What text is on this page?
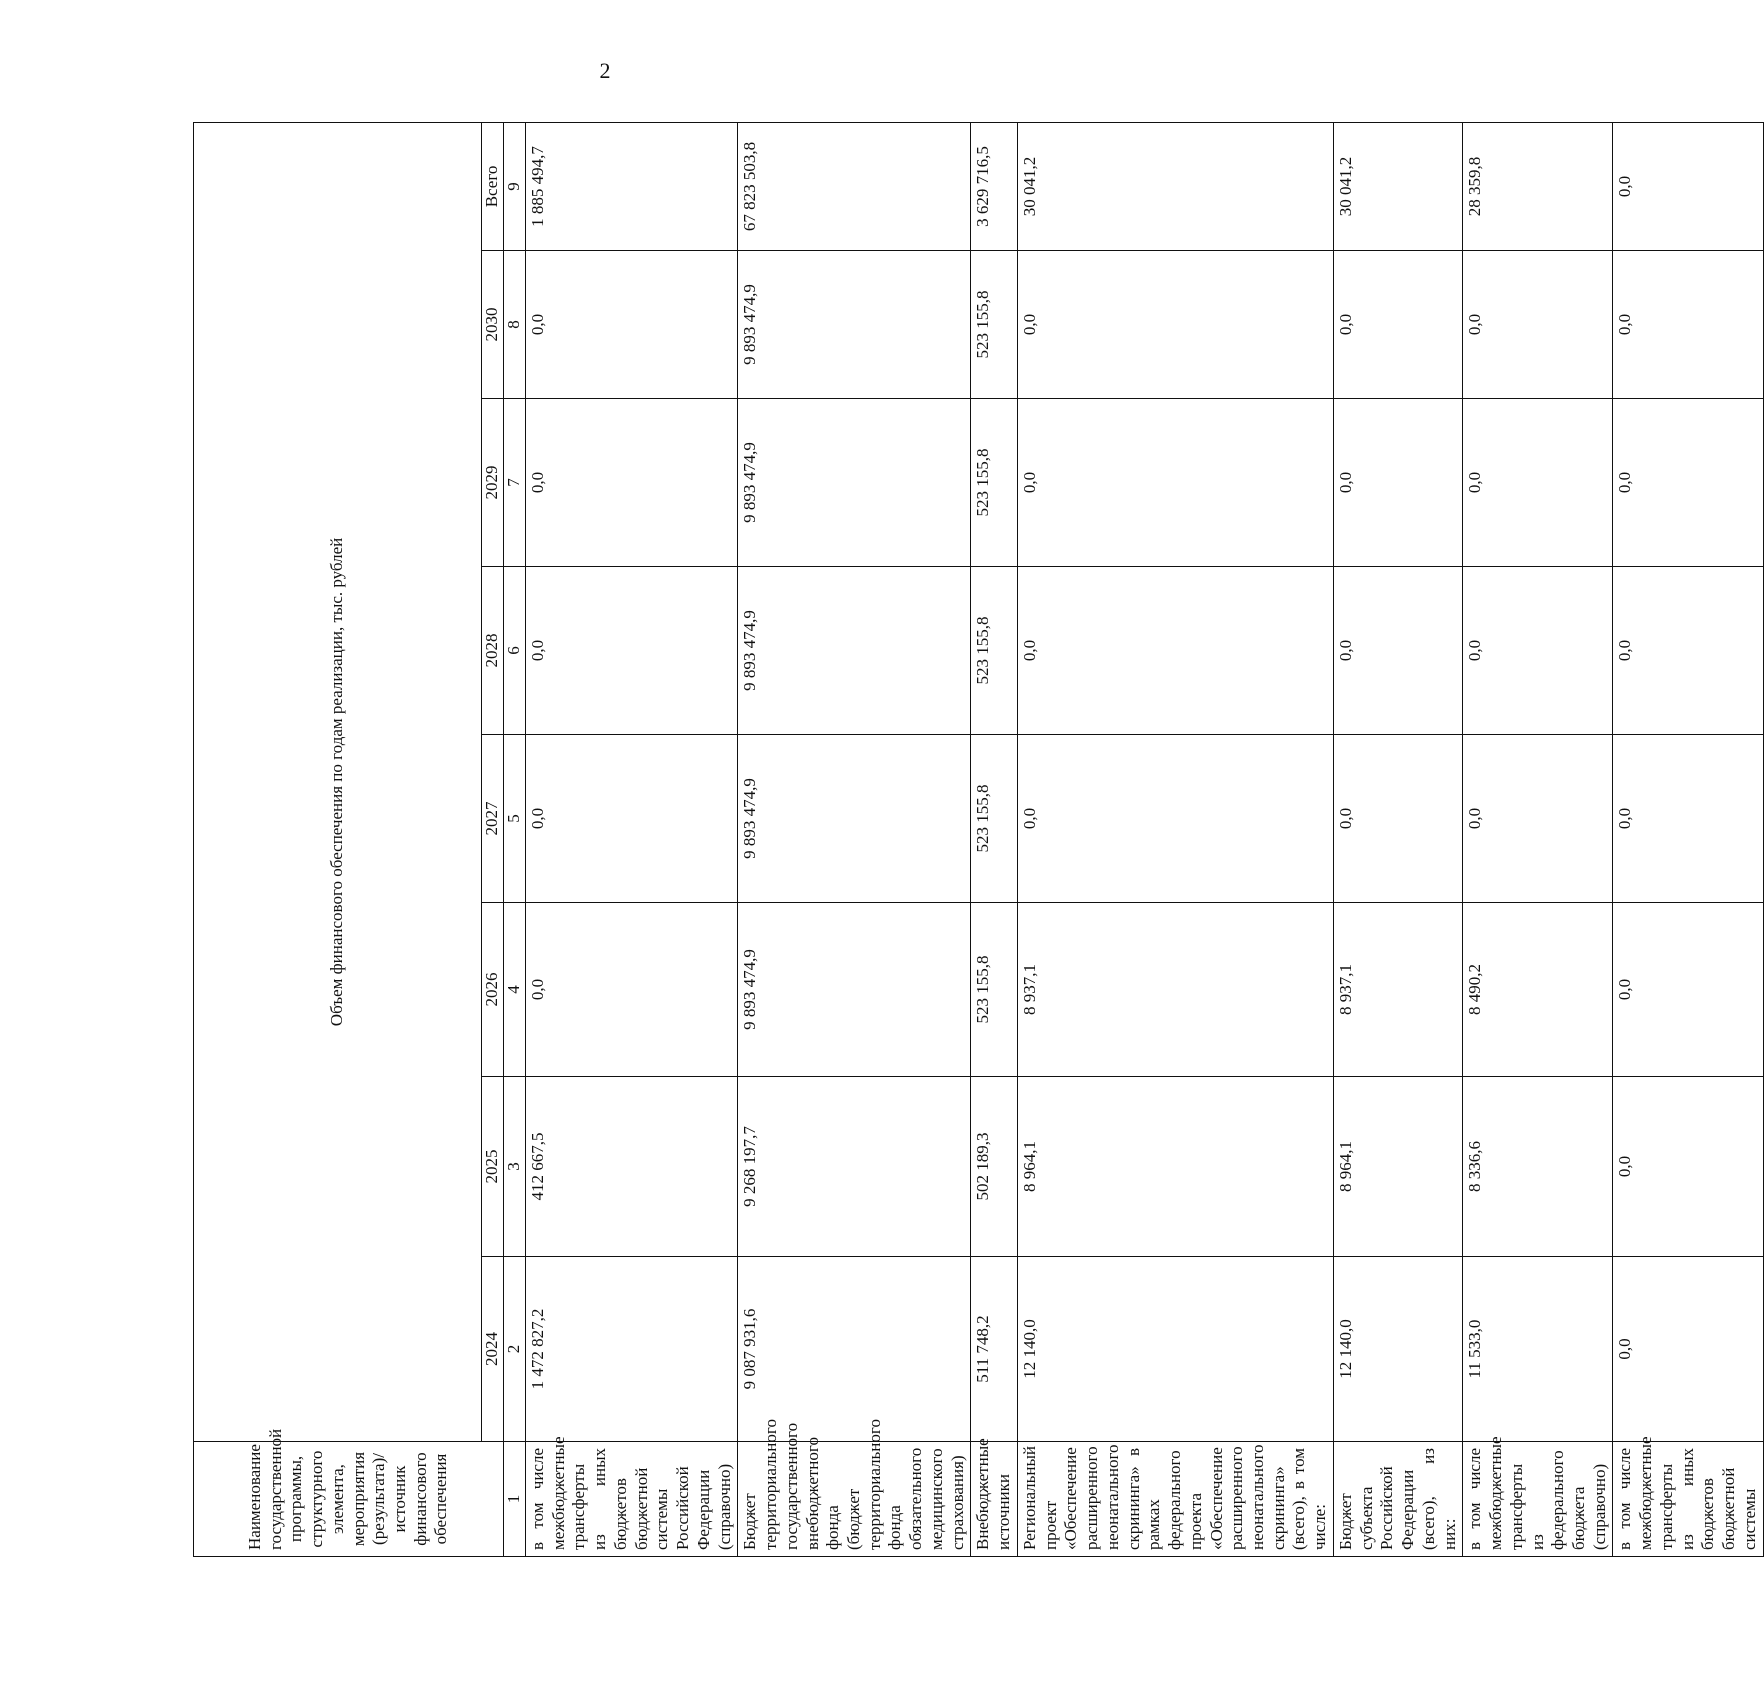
2
Наименование государственной программы, структурного элемента, мероприятия (результата)/источник финансового обеспечения	Объем финансового обеспечения по годам реализации, тыс. рублей							
	2024	2025	2026	2027	2028	2029	2030	Всего
1	2	3	4	5	6	7	8	9
в том числе межбюджетные трансферты из иных бюджетов бюджетной системы Российской Федерации (справочно)	1 472 827,2	412 667,5	0,0	0,0	0,0	0,0	0,0	1 885 494,7
Бюджет территориального государственного внебюджетного фонда (бюджет территориального фонда обязательного медицинского страхования)	9 087 931,6	9 268 197,7	9 893 474,9	9 893 474,9	9 893 474,9	9 893 474,9	9 893 474,9	67 823 503,8
Внебюджетные источники	511 748,2	502 189,3	523 155,8	523 155,8	523 155,8	523 155,8	523 155,8	3 629 716,5
Региональный проект «Обеспечение расширенного неонатального скрининга» в рамках федерального проекта «Обеспечение расширенного неонатального скрининга» (всего), в том числе:	12 140,0	8 964,1	8 937,1	0,0	0,0	0,0	0,0	30 041,2
Бюджет субъекта Российской Федерации (всего), из них:	12 140,0	8 964,1	8 937,1	0,0	0,0	0,0	0,0	30 041,2
в том числе межбюджетные трансферты из федерального бюджета (справочно)	11 533,0	8 336,6	8 490,2	0,0	0,0	0,0	0,0	28 359,8
в том числе межбюджетные трансферты из иных бюджетов бюджетной системы	0,0	0,0	0,0	0,0	0,0	0,0	0,0	0,0
